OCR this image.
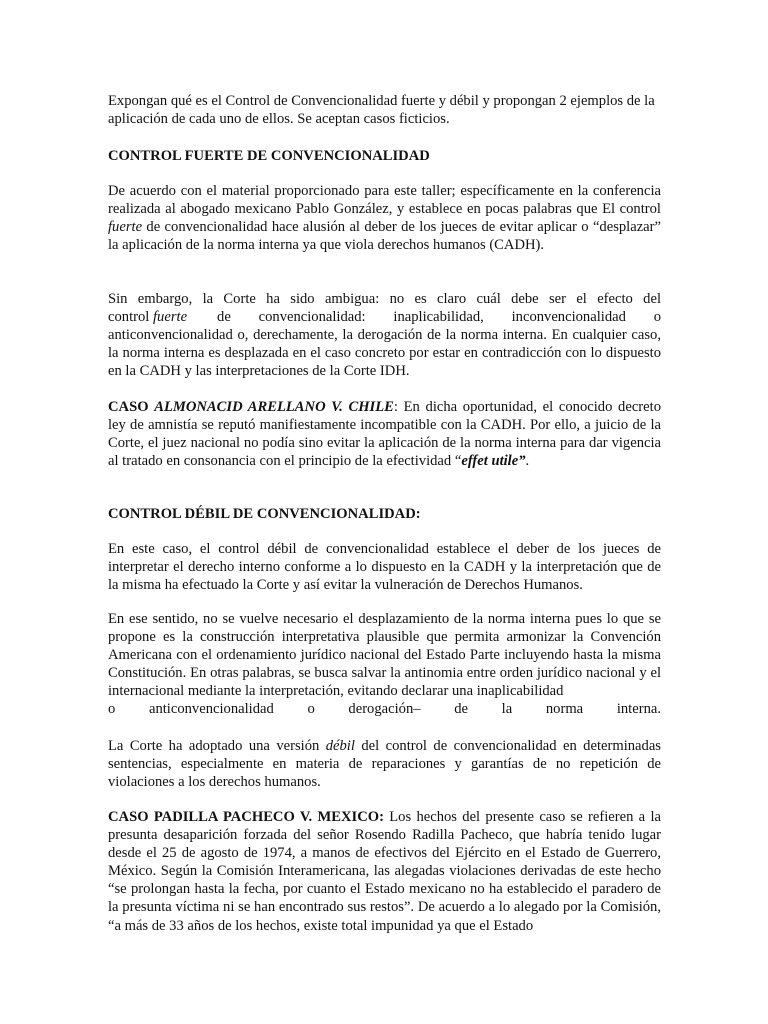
Expongan qué es el Control de Convencionalidad fuerte y débil y propongan 2 ejemplos de la aplicación de cada uno de ellos. Se aceptan casos ficticios.
CONTROL FUERTE DE CONVENCIONALIDAD
De acuerdo con el material proporcionado para este taller; específicamente en la conferencia realizada al abogado mexicano Pablo González, y establece en pocas palabras que El control fuerte de convencionalidad hace alusión al deber de los jueces de evitar aplicar o “desplazar” la aplicación de la norma interna ya que viola derechos humanos (CADH).
Sin embargo, la Corte ha sido ambigua: no es claro cuál debe ser el efecto del
control fuerte de convencionalidad: inaplicabilidad, inconvencionalidad o
anticonvencionalidad o, derechamente, la derogación de la norma interna. En cualquier caso, la norma interna es desplazada en el caso concreto por estar en contradicción con lo dispuesto en la CADH y las interpretaciones de la Corte IDH.
CASO ALMONACID ARELLANO V. CHILE: En dicha oportunidad, el conocido decreto ley de amnistía se reputó manifiestamente incompatible con la CADH. Por ello, a juicio de la Corte, el juez nacional no podía sino evitar la aplicación de la norma interna para dar vigencia al tratado en consonancia con el principio de la efectividad “effet utile”.
CONTROL DÉBIL DE CONVENCIONALIDAD:
En este caso, el control débil de convencionalidad establece el deber de los jueces de interpretar el derecho interno conforme a lo dispuesto en la CADH y la interpretación que de la misma ha efectuado la Corte y así evitar la vulneración de Derechos Humanos.
En ese sentido, no se vuelve necesario el desplazamiento de la norma interna pues lo que se propone es la construcción interpretativa plausible que permita armonizar la Convención Americana con el ordenamiento jurídico nacional del Estado Parte incluyendo hasta la misma Constitución. En otras palabras, se busca salvar la antinomia entre orden jurídico nacional y el internacional mediante la interpretación, evitando declarar una inaplicabilidad
o anticonvencionalidad o derogación– de la norma interna.
La Corte ha adoptado una versión débil del control de convencionalidad en determinadas sentencias, especialmente en materia de reparaciones y garantías de no repetición de violaciones a los derechos humanos.
CASO PADILLA PACHECO V. MEXICO: Los hechos del presente caso se refieren a la presunta desaparición forzada del señor Rosendo Radilla Pacheco, que habría tenido lugar desde el 25 de agosto de 1974, a manos de efectivos del Ejército en el Estado de Guerrero, México. Según la Comisión Interamericana, las alegadas violaciones derivadas de este hecho “se prolongan hasta la fecha, por cuanto el Estado mexicano no ha establecido el paradero de la presunta víctima ni se han encontrado sus restos”. De acuerdo a lo alegado por la Comisión, “a más de 33 años de los hechos, existe total impunidad ya que el Estado
